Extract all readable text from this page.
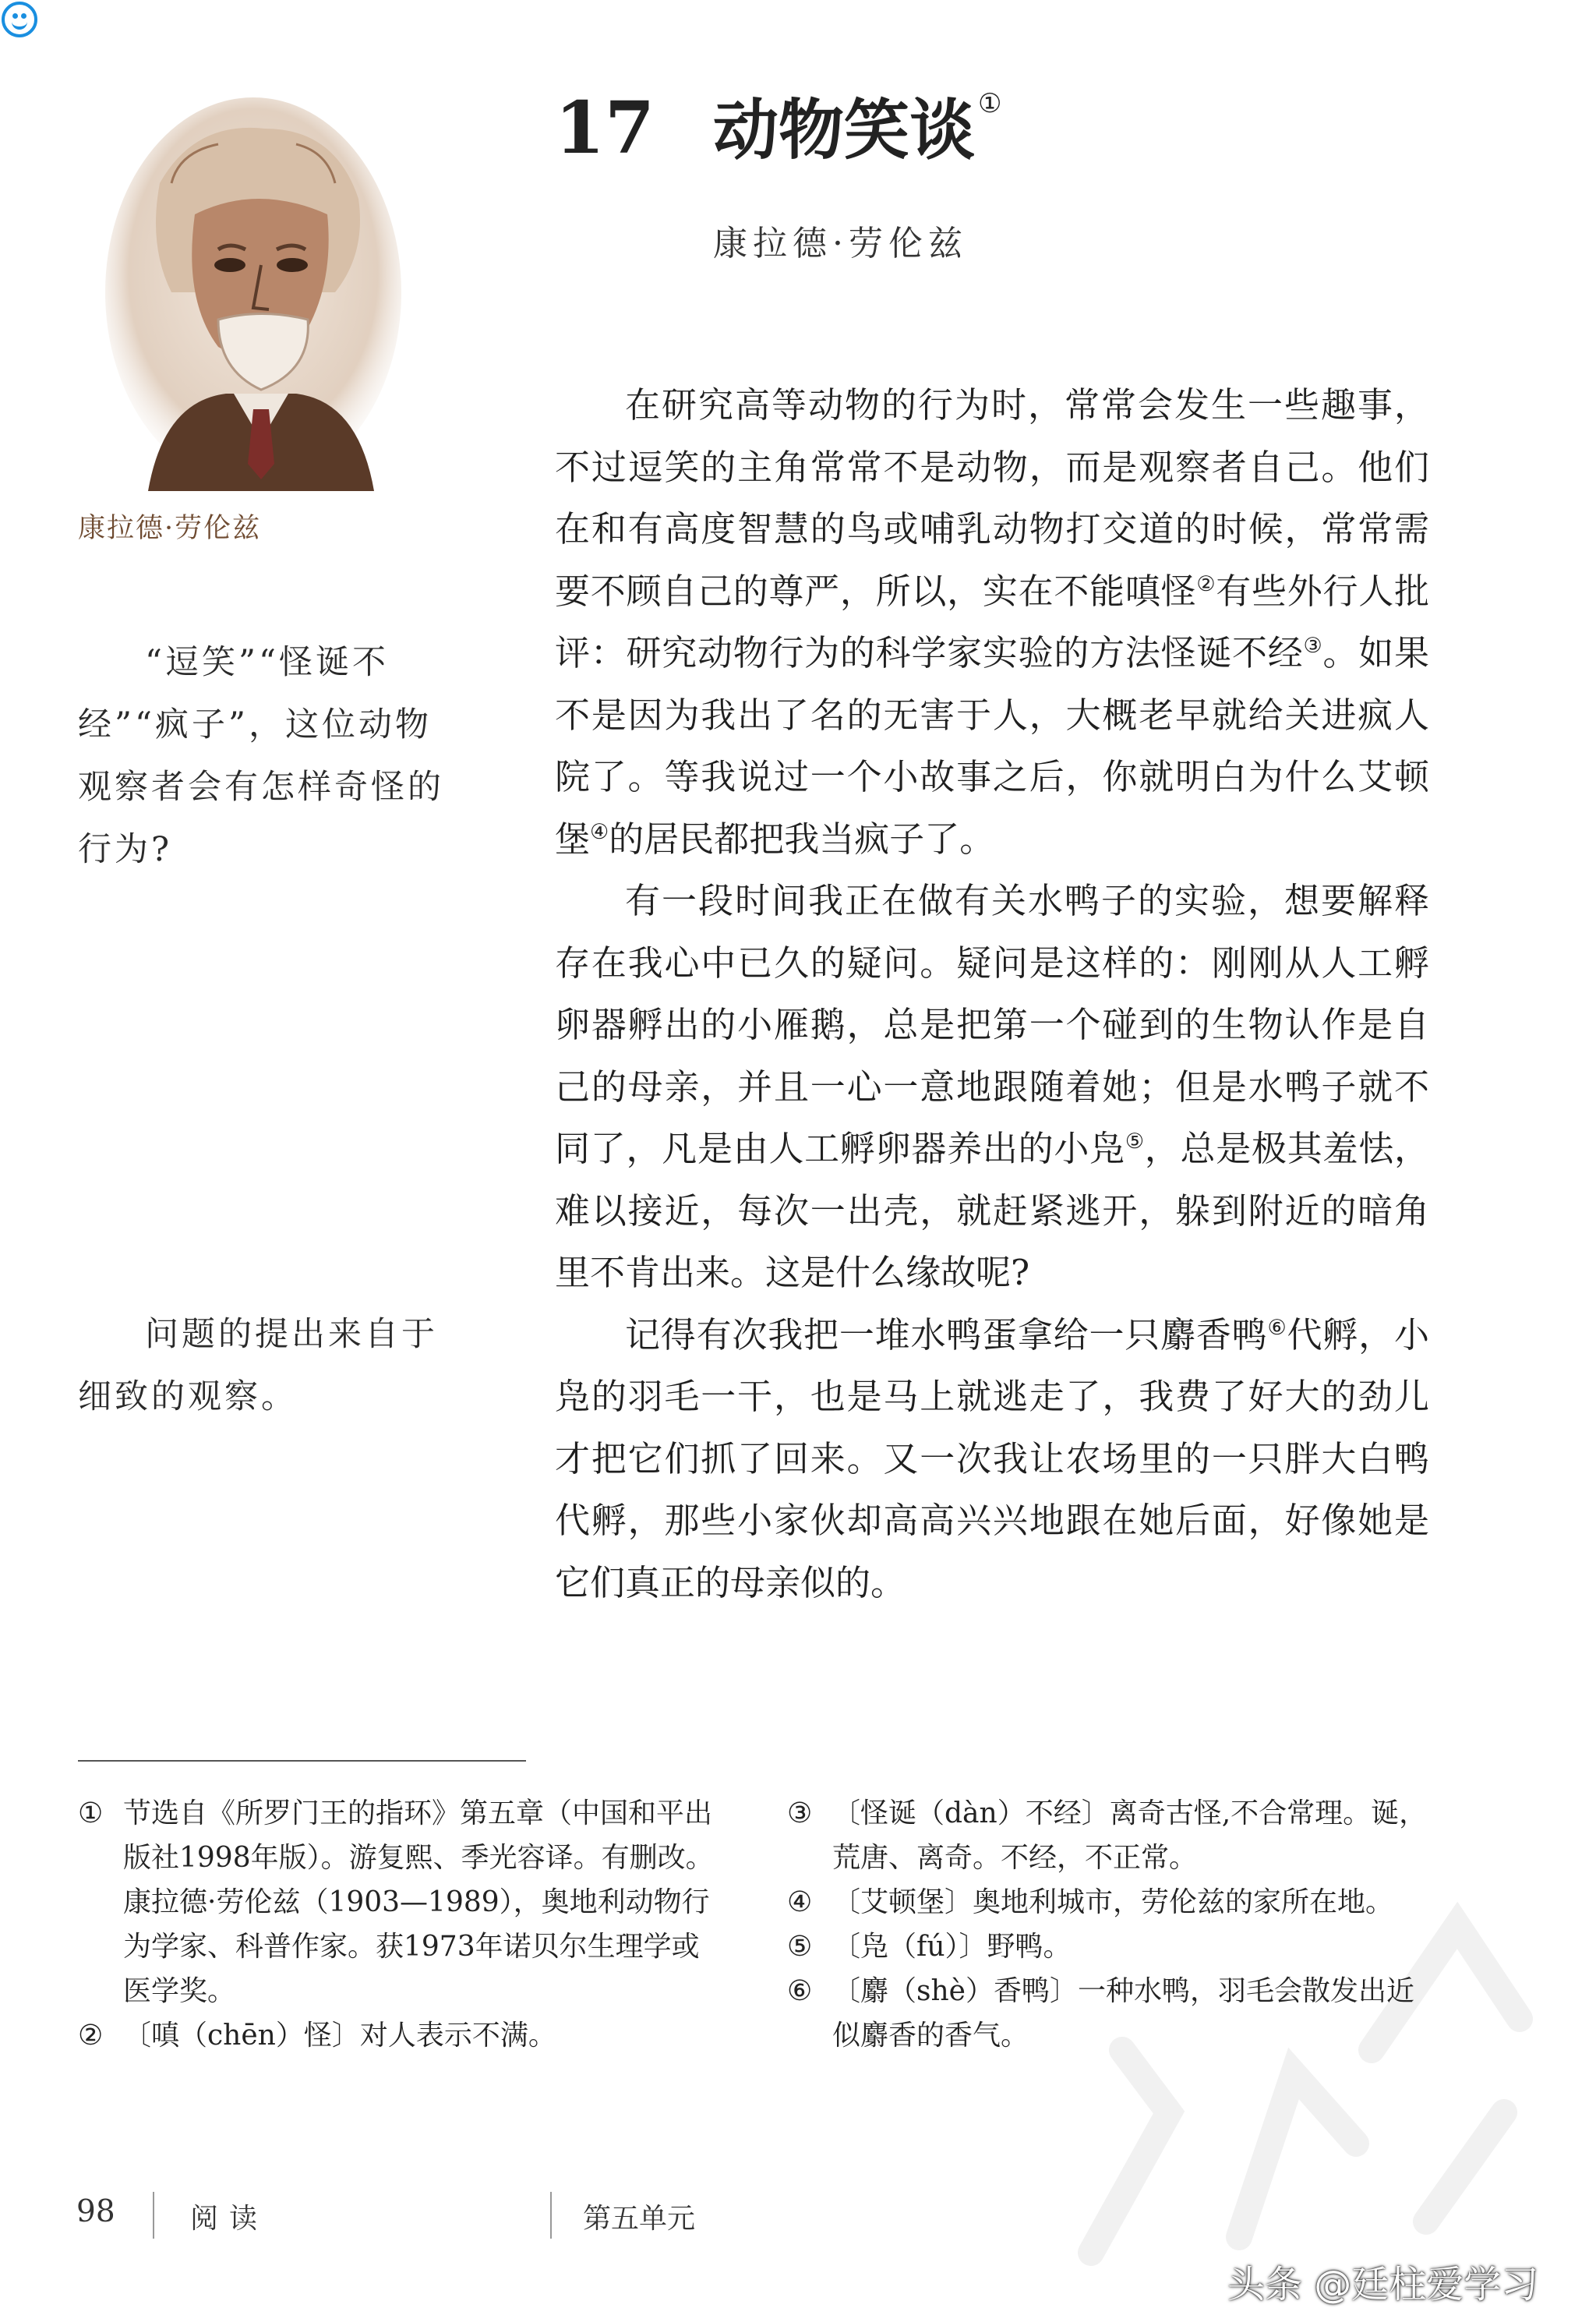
康拉德·劳伦兹
17 动物笑谈 ①
康拉德·劳伦兹

“逗笑”“怪诞不经”“疯子”，这位动物观察者会有怎样奇怪的行为?

问题的提出来自于细致的观察。

在研究高等动物的行为时，常常会发生一些趣事，不过逗笑的主角常常不是动物，而是观察者自己。他们在和有高度智慧的鸟或哺乳动物打交道的时候，常常需要不顾自己的尊严，所以，实在不能嗔怪②有些外行人批评：研究动物行为的科学家实验的方法怪诞不经③。如果不是因为我出了名的无害于人，大概老早就给关进疯人院了。等我说过一个小故事之后，你就明白为什么艾顿堡④的居民都把我当疯子了。

有一段时间我正在做有关水鸭子的实验，想要解释存在我心中已久的疑问。疑问是这样的：刚刚从人工孵卵器孵出的小雁鹅，总是把第一个碰到的生物认作是自己的母亲，并且一心一意地跟随着她；但是水鸭子就不同了，凡是由人工孵卵器养出的小凫⑤，总是极其羞怯，难以接近，每次一出壳，就赶紧逃开，躲到附近的暗角里不肯出来。这是什么缘故呢?

记得有次我把一堆水鸭蛋拿给一只麝香鸭⑥代孵，小凫的羽毛一干，也是马上就逃走了，我费了好大的劲儿才把它们抓了回来。又一次我让农场里的一只胖大白鸭代孵，那些小家伙却高高兴兴地跟在她后面，好像她是它们真正的母亲似的。

① 节选自《所罗门王的指环》第五章（中国和平出版社1998年版）。游复熙、季光容译。有删改。康拉德·劳伦兹（1903—1989），奥地利动物行为学家、科普作家。获1973年诺贝尔生理学或医学奖。

② 〔嗔（chēn）怪〕对人表示不满。

③ 〔怪诞（dàn）不经〕离奇古怪,不合常理。诞，荒唐、离奇。不经，不正常。

④ 〔艾顿堡〕奥地利城市，劳伦兹的家所在地。

⑤ 〔凫（fú）〕野鸭。

⑥ 〔麝（shè）香鸭〕一种水鸭，羽毛会散发出近似麝香的香气。

98	阅读	第五单元
头条 @廷柱爱学习
